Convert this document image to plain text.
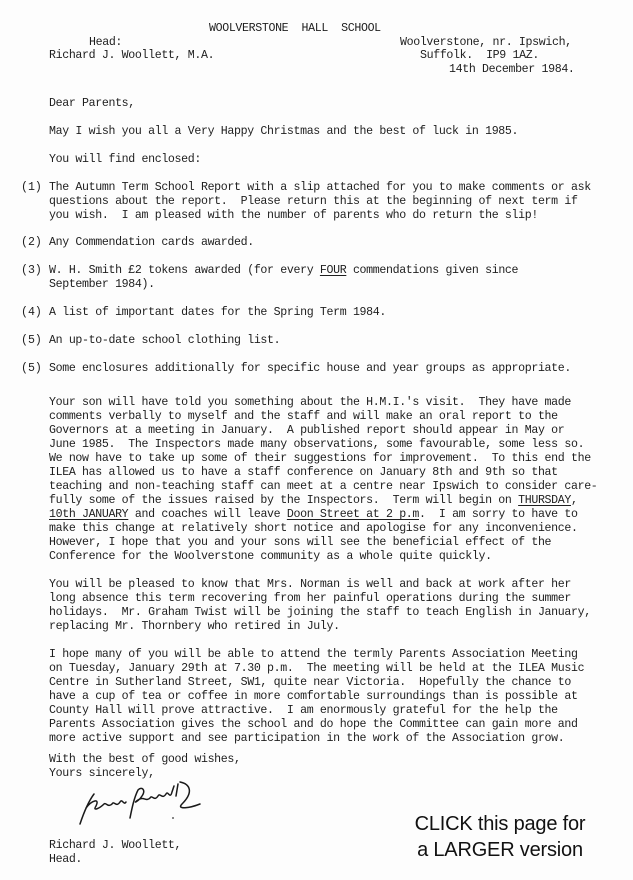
WOOLVERSTONE  HALL  SCHOOL
Head:
Richard J. Woollett, M.A.
Woolverstone, nr. Ipswich,
Suffolk.  IP9 1AZ.
14th December 1984.
Dear Parents,
May I wish you all a Very Happy Christmas and the best of luck in 1985.
You will find enclosed:
(1) The Autumn Term School Report with a slip attached for you to make comments or ask
questions about the report.  Please return this at the beginning of next term if
you wish.  I am pleased with the number of parents who do return the slip!
(2) Any Commendation cards awarded.
(3) W. H. Smith £2 tokens awarded (for every FOUR commendations given since
September 1984).
(4) A list of important dates for the Spring Term 1984.
(5) An up-to-date school clothing list.
(5) Some enclosures additionally for specific house and year groups as appropriate.
Your son will have told you something about the H.M.I.'s visit.  They have made
comments verbally to myself and the staff and will make an oral report to the
Governors at a meeting in January.  A published report should appear in May or
June 1985.  The Inspectors made many observations, some favourable, some less so.
We now have to take up some of their suggestions for improvement.  To this end the
ILEA has allowed us to have a staff conference on January 8th and 9th so that
teaching and non-teaching staff can meet at a centre near Ipswich to consider care-
fully some of the issues raised by the Inspectors.  Term will begin on THURSDAY,
10th JANUARY and coaches will leave Doon Street at 2 p.m.  I am sorry to have to
make this change at relatively short notice and apologise for any inconvenience.
However, I hope that you and your sons will see the beneficial effect of the
Conference for the Woolverstone community as a whole quite quickly.
You will be pleased to know that Mrs. Norman is well and back at work after her
long absence this term recovering from her painful operations during the summer
holidays.  Mr. Graham Twist will be joining the staff to teach English in January,
replacing Mr. Thornbery who retired in July.
I hope many of you will be able to attend the termly Parents Association Meeting
on Tuesday, January 29th at 7.30 p.m.  The meeting will be held at the ILEA Music
Centre in Sutherland Street, SW1, quite near Victoria.  Hopefully the chance to
have a cup of tea or coffee in more comfortable surroundings than is possible at
County Hall will prove attractive.  I am enormously grateful for the help the
Parents Association gives the school and do hope the Committee can gain more and
more active support and see participation in the work of the Association grow.
With the best of good wishes,
Yours sincerely,
Richard J. Woollett,
Head.
CLICK this page for
a LARGER version
